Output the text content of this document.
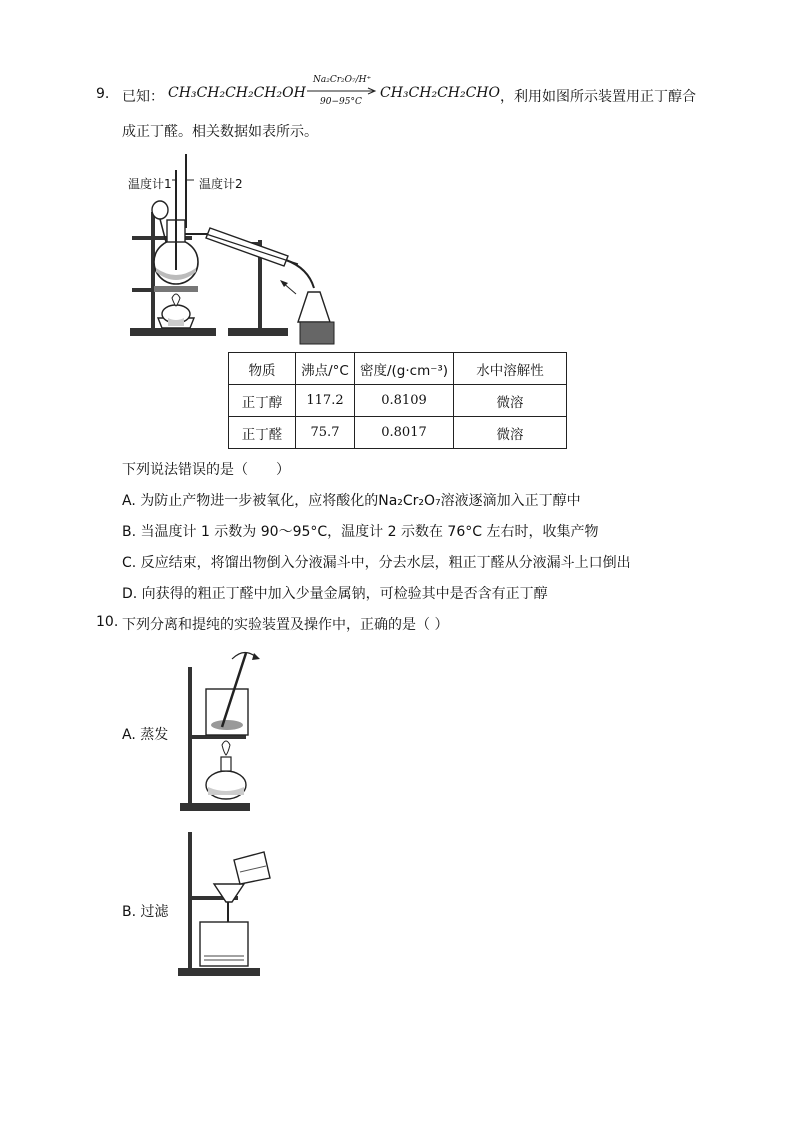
9. 已知： CH₃CH₂CH₂CH₂OH
Na₂Cr₂O₇/H⁺
90−95°C
CH₃CH₂CH₂CHO ，利用如图所示装置用正丁醇合
成正丁醛。相关数据如表所示。
温度计1 温度计2
物质	沸点/°C	密度/(g·cm⁻³)	水中溶解性
正丁醇	117.2	0.8109	微溶
正丁醛	75.7	0.8017	微溶
下列说法错误的是（　　）
A. 为防止产物进一步被氧化，应将酸化的Na₂Cr₂O₇溶液逐滴加入正丁醇中
B. 当温度计 1 示数为 90～95°C，温度计 2 示数在 76°C 左右时，收集产物
C. 反应结束，将馏出物倒入分液漏斗中，分去水层，粗正丁醛从分液漏斗上口倒出
D. 向获得的粗正丁醛中加入少量金属钠，可检验其中是否含有正丁醇
10. 下列分离和提纯的实验装置及操作中，正确的是（ ）
A. 蒸发
B. 过滤
